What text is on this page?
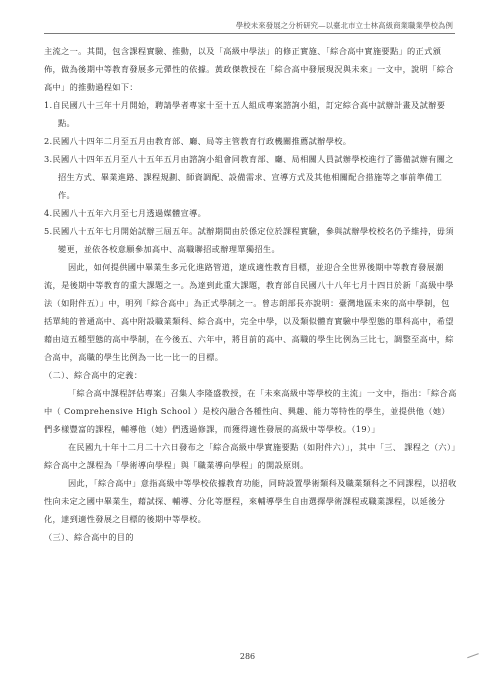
學校未來發展之分析研究—以臺北市立士林高級商業職業學校為例

主流之一。其間，包含課程實驗、推動，以及「高級中學法」的修正實施、「綜合高中實施要點」的正式頒佈，做為後期中等教育發展多元彈性的依據。黃政傑教授在「綜合高中發展現況與未來」一文中，說明「綜合高中」的推動過程如下：

1.自民國八十三年十月開始，聘請學者專家十至十五人組成專案諮詢小組，訂定綜合高中試辦計畫及試辦要點。

2.民國八十四年二月至五月由教育部、廳、局等主管教育行政機關推薦試辦學校。

3.民國八十四年五月至八十五年五月由諮詢小組會同教育部、廳、局相關人員試辦學校進行了籌備試辦有關之招生方式、畢業進路、課程規劃、師資調配、設備需求、宣導方式及其他相關配合措施等之事前準備工作。

4.民國八十五年六月至七月透過媒體宣導。

5.民國八十五年七月開始試辦三屆五年。試辦期間由於係定位於課程實驗，參與試辦學校校名仍予維持，毋須變更，並依各校意願參加高中、高職聯招或辦理單獨招生。

因此，如何提供國中畢業生多元化進路管道，達成適性教育目標，並迎合全世界後期中等教育發展潮流，是後期中等教育的重大課題之一。為達到此重大課題，教育部自民國八十八年七月十四日於新「高級中學法（如附件五）」中，明列「綜合高中」為正式學制之一。曾志朗部長亦說明：臺灣地區未來的高中學制，包括單純的普通高中、高中附設職業類科、綜合高中，完全中學，以及類似體育實驗中學型態的單科高中，希望藉由這五種型態的高中學制，在今後五、六年中，將目前的高中、高職的學生比例為三比七，調整至高中，綜合高中，高職的學生比例為一比一比一的目標。

（二）、綜合高中的定義：

「綜合高中課程評估專案」召集人李隆盛教授，在「未來高級中等學校的主流」一文中，指出：「綜合高中（ Comprehensive High School ）是校內融合各種性向、興趣、能力等特性的學生，並提供他（她）們多樣豐富的課程，輔導他（她）們透過修課，而獲得適性發展的高級中等學校。（19）」

在民國九十年十二月二十六日發布之「綜合高級中學實施要點（如附件六）」，其中「三、 課程之（六）」綜合高中之課程為「學術導向學程」與「職業導向學程」的開設原則。

因此，「綜合高中」意指高級中等學校依據教育功能，同時設置學術類科及職業類科之不同課程，以招收性向未定之國中畢業生，藉試探、輔導、分化等歷程，來輔導學生自由選擇學術課程或職業課程，以延後分化，達到適性發展之目標的後期中等學校。

（三）、綜合高中的目的

286
